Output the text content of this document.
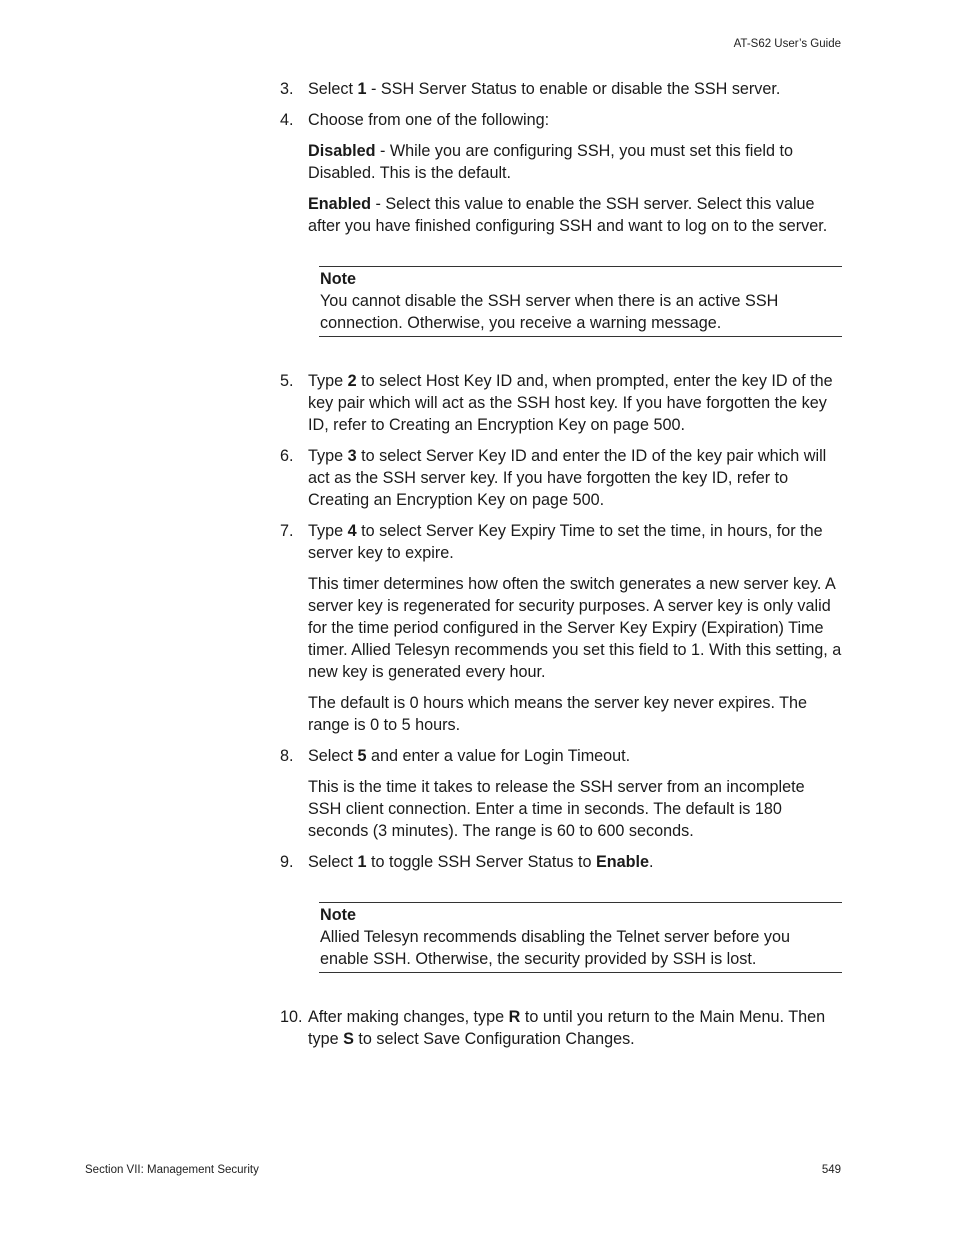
AT-S62 User’s Guide
3. Select 1 - SSH Server Status to enable or disable the SSH server.
4. Choose from one of the following:

Disabled - While you are configuring SSH, you must set this field to Disabled. This is the default.

Enabled - Select this value to enable the SSH server. Select this value after you have finished configuring SSH and want to log on to the server.

Note
You cannot disable the SSH server when there is an active SSH connection. Otherwise, you receive a warning message.
5. Type 2 to select Host Key ID and, when prompted, enter the key ID of the key pair which will act as the SSH host key. If you have forgotten the key ID, refer to Creating an Encryption Key on page 500.
6. Type 3 to select Server Key ID and enter the ID of the key pair which will act as the SSH server key. If you have forgotten the key ID, refer to Creating an Encryption Key on page 500.
7. Type 4 to select Server Key Expiry Time to set the time, in hours, for the server key to expire.

This timer determines how often the switch generates a new server key. A server key is regenerated for security purposes. A server key is only valid for the time period configured in the Server Key Expiry (Expiration) Time timer. Allied Telesyn recommends you set this field to 1. With this setting, a new key is generated every hour.

The default is 0 hours which means the server key never expires. The range is 0 to 5 hours.

8. Select 5 and enter a value for Login Timeout.

This is the time it takes to release the SSH server from an incomplete SSH client connection. Enter a time in seconds. The default is 180 seconds (3 minutes). The range is 60 to 600 seconds.

9. Select 1 to toggle SSH Server Status to Enable.
Note
Allied Telesyn recommends disabling the Telnet server before you enable SSH. Otherwise, the security provided by SSH is lost.
10. After making changes, type R to until you return to the Main Menu. Then type S to select Save Configuration Changes.
Section VII: Management Security	549
